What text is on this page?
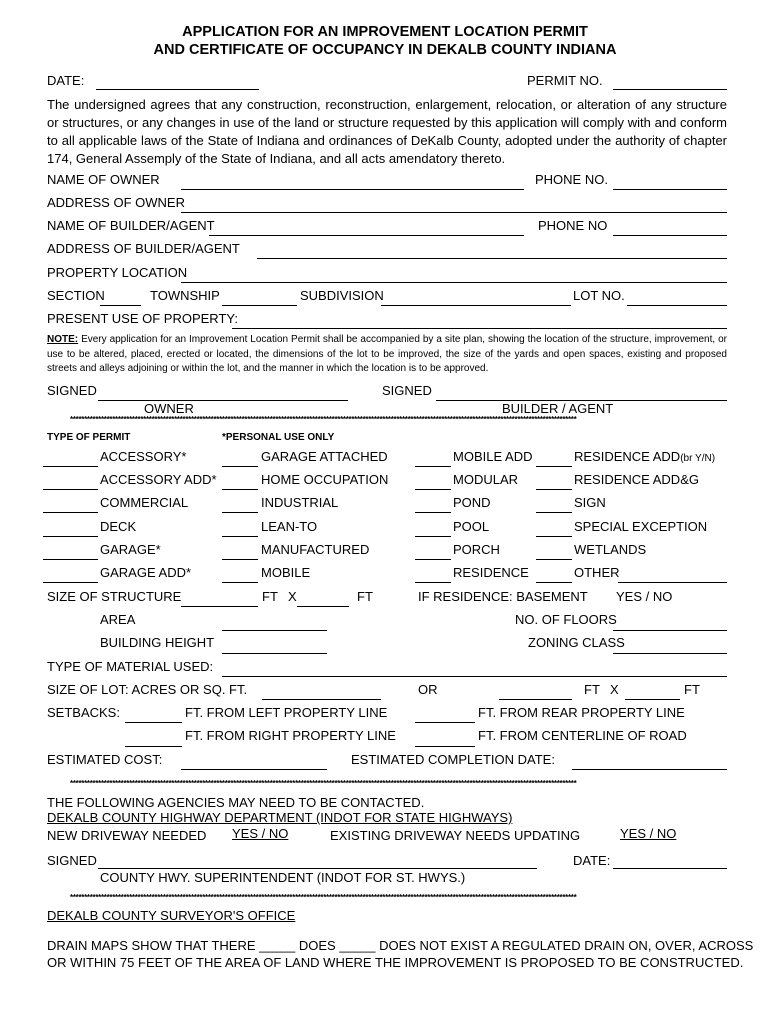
APPLICATION FOR AN IMPROVEMENT LOCATION PERMIT
AND CERTIFICATE OF OCCUPANCY IN DEKALB COUNTY INDIANA
DATE:	PERMIT NO.
The undersigned agrees that any construction, reconstruction, enlargement, relocation, or alteration of any structure or structures, or any changes in use of the land or structure requested by this application will comply with and conform to all applicable laws of the State of Indiana and ordinances of DeKalb County, adopted under the authority of chapter 174, General Assemply of the State of Indiana, and all acts amendatory thereto.
NAME OF OWNER	PHONE NO.
ADDRESS OF OWNER
NAME OF BUILDER/AGENT	PHONE NO
ADDRESS OF BUILDER/AGENT
PROPERTY LOCATION
SECTION	TOWNSHIP	SUBDIVISION	LOT NO.
PRESENT USE OF PROPERTY:
NOTE: Every application for an Improvement Location Permit shall be accompanied by a site plan, showing the location of the structure, improvement, or use to be altered, placed, erected or located, the dimensions of the lot to be improved, the size of the yards and open spaces, existing and proposed streets and alleys adjoining or within the lot, and the manner in which the location is to be approved.
SIGNED	SIGNED
OWNER	BUILDER / AGENT
************************************************************************************************************************************************************************************
TYPE OF PERMIT	*PERSONAL USE ONLY
ACCESSORY*	GARAGE ATTACHED	MOBILE ADD	RESIDENCE ADD(br Y/N)
ACCESSORY ADD*	HOME OCCUPATION	MODULAR	RESIDENCE ADD&G
COMMERCIAL	INDUSTRIAL	POND	SIGN
DECK	LEAN-TO	POOL	SPECIAL EXCEPTION
GARAGE*	MANUFACTURED	PORCH	WETLANDS
GARAGE ADD*	MOBILE	RESIDENCE	OTHER
SIZE OF STRUCTURE	FT X	FT	IF RESIDENCE: BASEMENT YES / NO
AREA	NO. OF FLOORS
BUILDING HEIGHT	ZONING CLASS
TYPE OF MATERIAL USED:
SIZE OF LOT: ACRES OR SQ. FT.	OR	FT X	FT
SETBACKS:	FT. FROM LEFT PROPERTY LINE	FT. FROM REAR PROPERTY LINE
FT. FROM RIGHT PROPERTY LINE	FT. FROM CENTERLINE OF ROAD
ESTIMATED COST:	ESTIMATED COMPLETION DATE:
************************************************************************************************************************************************************************************
THE FOLLOWING AGENCIES MAY NEED TO BE CONTACTED.
DEKALB COUNTY HIGHWAY DEPARTMENT (INDOT FOR STATE HIGHWAYS)
NEW DRIVEWAY NEEDED YES / NO	EXISTING DRIVEWAY NEEDS UPDATING	YES / NO
SIGNED	DATE:
COUNTY HWY. SUPERINTENDENT (INDOT FOR ST. HWYS.)
************************************************************************************************************************************************************************************
DEKALB COUNTY SURVEYOR'S OFFICE
DRAIN MAPS SHOW THAT THERE _____ DOES _____ DOES NOT EXIST A REGULATED DRAIN ON, OVER, ACROSS
OR WITHIN 75 FEET OF THE AREA OF LAND WHERE THE IMPROVEMENT IS PROPOSED TO BE CONSTRUCTED.
